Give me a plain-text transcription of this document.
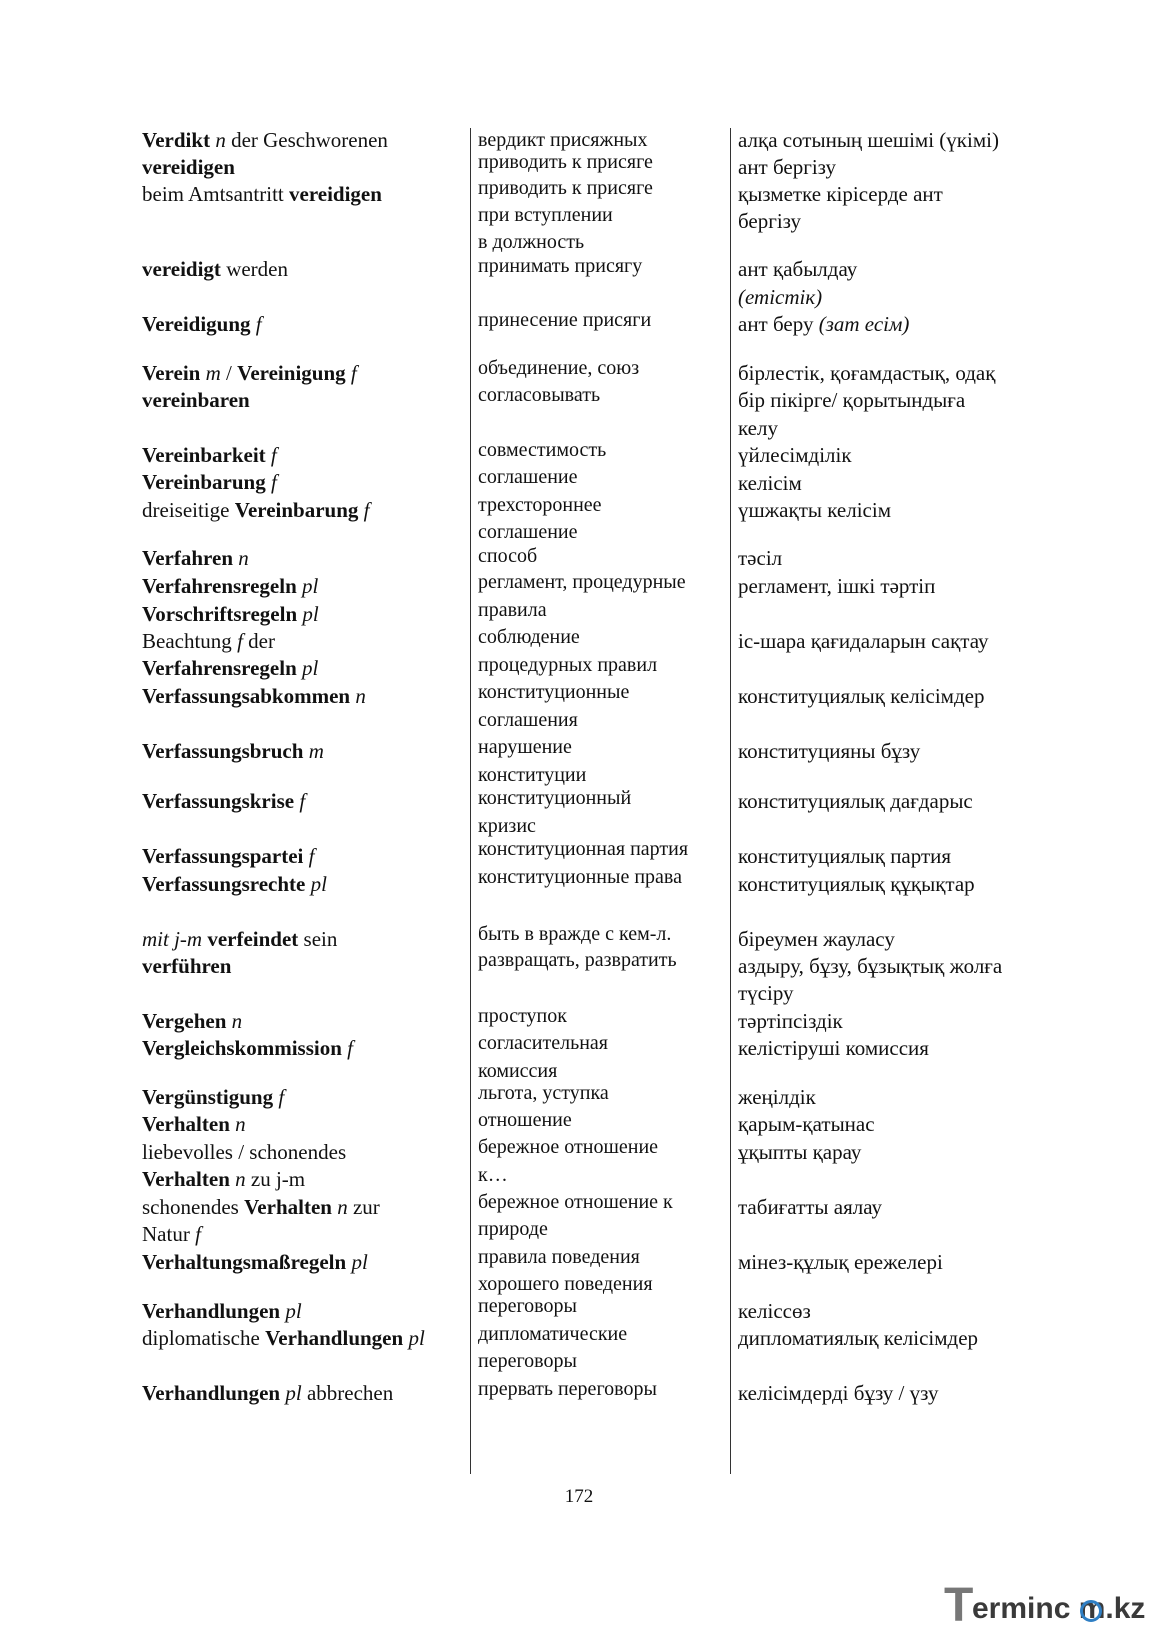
Verdikt n der Geschworenen
vereidigen
beim Amtsantritt vereidigen
vereidigt werden
Vereidigung f
Verein m / Vereinigung f
vereinbaren
Vereinbarkeit f
Vereinbarung f
dreiseitige Vereinbarung f
Verfahren n
Verfahrensregeln pl
Vorschriftsregeln pl
Beachtung f der
Verfahrensregeln pl
Verfassungsabkommen n
Verfassungsbruch m
Verfassungskrise f
Verfassungspartei f
Verfassungsrechte pl
mit j-m verfeindet sein
verführen
Vergehen n
Vergleichskommission f
Vergünstigung f
Verhalten n
liebevolles / schonendes
Verhalten n zu j-m
schonendes Verhalten n zur
Natur f
Verhaltungsmaßregeln pl
Verhandlungen pl
diplomatische Verhandlungen pl
Verhandlungen pl abbrechen
вердикт присяжных
приводить к присяге
приводить к присяге
при вступлении
в должность
принимать присягу
принесение присяги
объединение, союз
согласовывать
совместимость
соглашение
трехстороннее
соглашение
способ
регламент, процедурные
правила
соблюдение
процедурных правил
конституционные
соглашения
нарушение
конституции
конституционный
кризис
конституционная партия
конституционные права
быть в вражде с кем-л.
развращать, развратить
проступок
согласительная
комиссия
льгота, уступка
отношение
бережное отношение
к…
бережное отношение к
природе
правила поведения
хорошего поведения
переговоры
дипломатические
переговоры
прервать переговоры
алқа сотының шешімі (үкімі)
ант бергізу
қызметке кірісерде ант
бергізу
ант қабылдау
(етістік)
ант беру (зат есім)
бірлестік, қоғамдастық, одақ
бір пікірге/ қорытындыға
келу
үйлесімділік
келісім
үшжақты келісім
тәсіл
регламент, ішкі тәртіп
іс-шара қағидаларын сақтау
конституциялық келісімдер
конституцияны бұзу
конституциялық дағдарыс
конституциялық партия
конституциялық құқықтар
біреумен жауласу
аздыру, бұзу, бұзықтық жолға
түсіру
тәртіпсіздік
келістіруші комиссия
жеңілдік
қарым-қатынас
ұқыпты қарау
табиғатты аялау
мінез-құлық ережелері
келіссөз
дипломатиялық келісімдер
келісімдерді бұзу / үзу
172
T
erminc m.kz
